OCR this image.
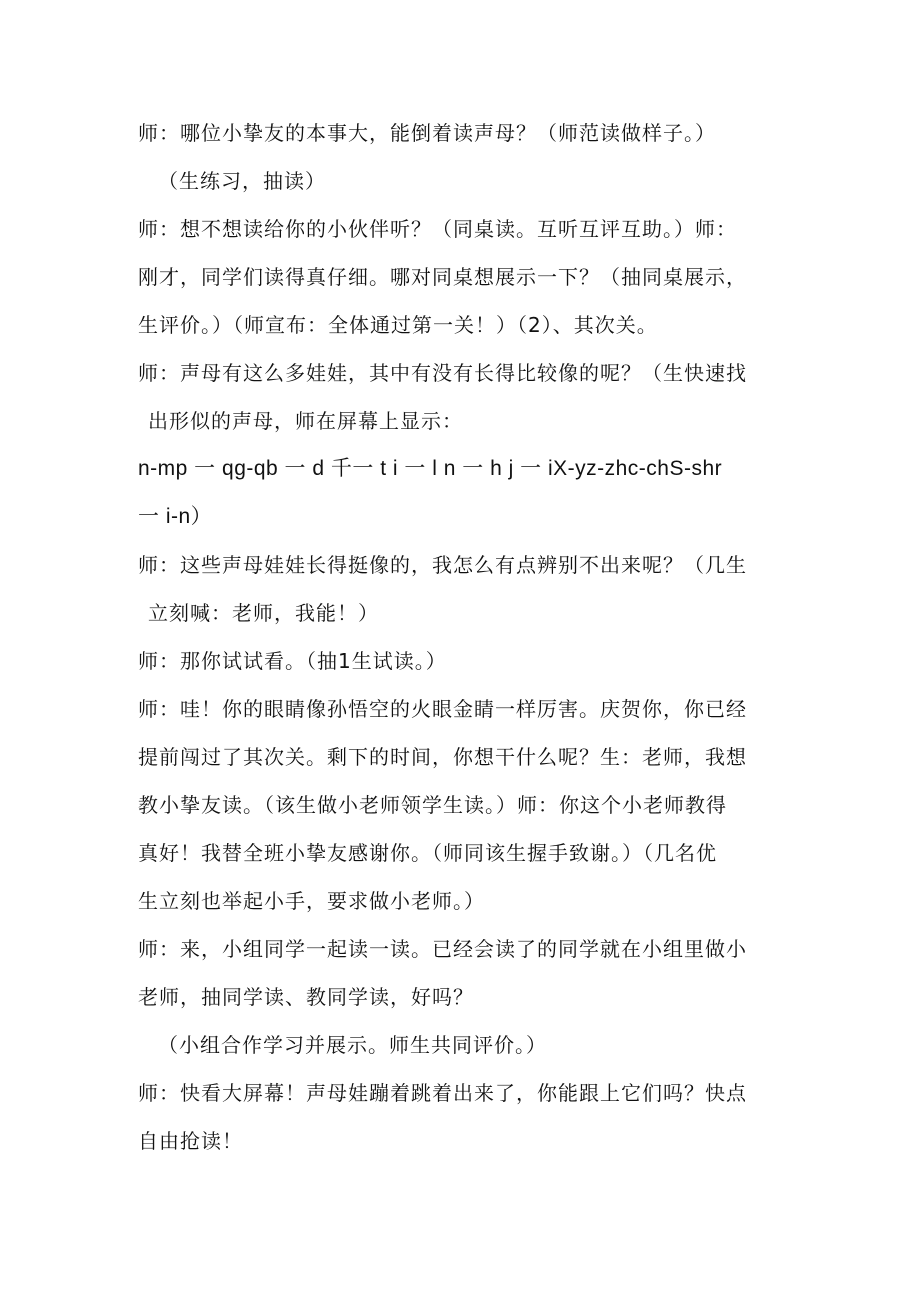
师：哪位小挚友的本事大，能倒着读声母？（师范读做样子。）
（生练习，抽读）
师：想不想读给你的小伙伴听？（同桌读。互听互评互助。）师：
刚才，同学们读得真仔细。哪对同桌想展示一下？（抽同桌展示，
生评价。）（师宣布：全体通过第一关！）（2）、其次关。
师：声母有这么多娃娃，其中有没有长得比较像的呢？（生快速找
出形似的声母，师在屏幕上显示：
n-mp 一 qg-qb 一 d 千一 t i 一 l n 一 h j 一 iX-yz-zhc-chS-shr
一 i-n）
师：这些声母娃娃长得挺像的，我怎么有点辨别不出来呢？（几生
立刻喊：老师，我能！）
师：那你试试看。（抽1生试读。）
师：哇！你的眼睛像孙悟空的火眼金睛一样厉害。庆贺你，你已经
提前闯过了其次关。剩下的时间，你想干什么呢？生：老师，我想
教小挚友读。（该生做小老师领学生读。）师：你这个小老师教得
真好！我替全班小挚友感谢你。（师同该生握手致谢。）（几名优
生立刻也举起小手，要求做小老师。）
师：来，小组同学一起读一读。已经会读了的同学就在小组里做小
老师，抽同学读、教同学读，好吗？
（小组合作学习并展示。师生共同评价。）
师：快看大屏幕！声母娃蹦着跳着出来了，你能跟上它们吗？快点
自由抢读！
